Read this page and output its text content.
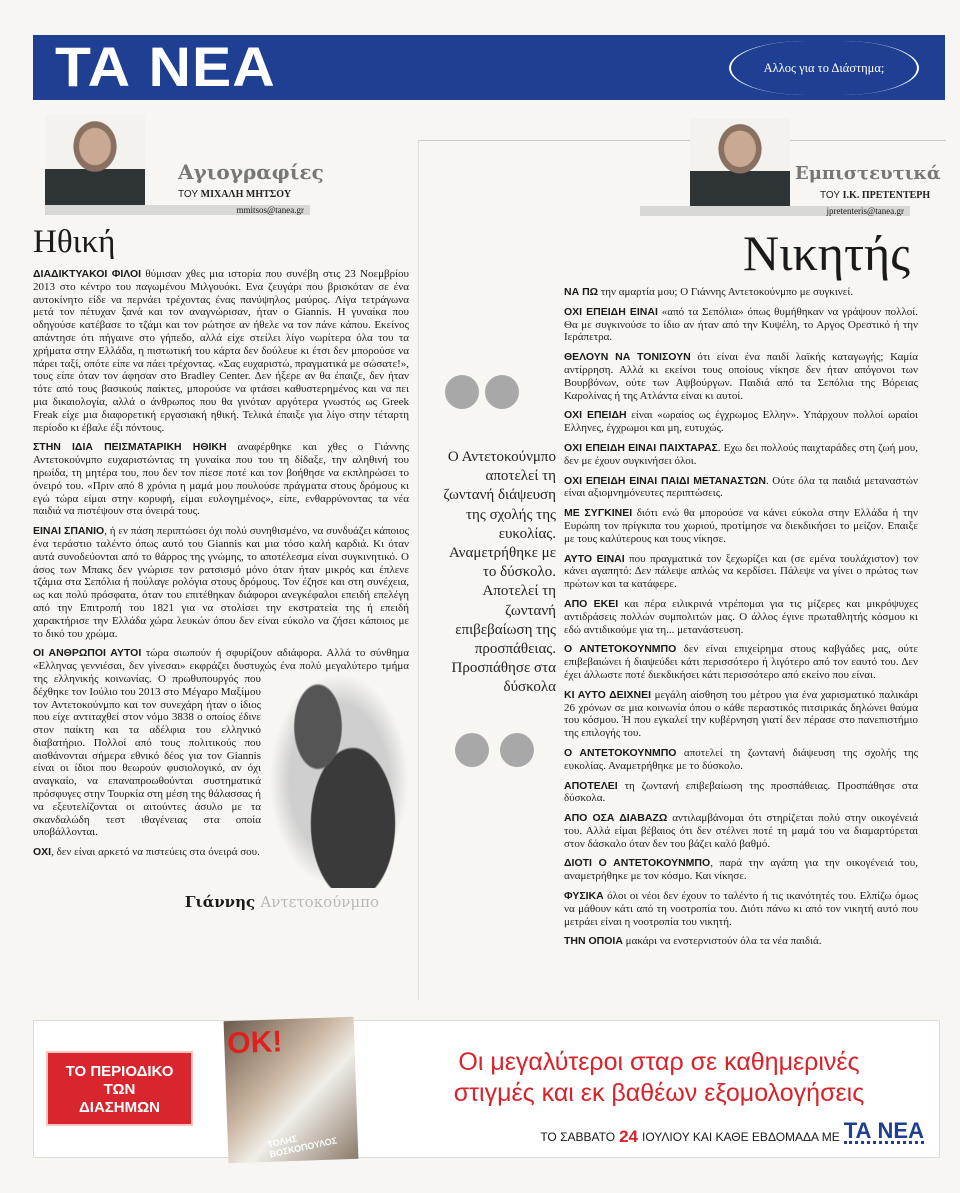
ΤΑ ΝΕΑ	Αλλος για το Διάστημα;
Αγιογραφίες
ΤΟΥ ΜΙΧΑΛΗ ΜΗΤΣΟΥ
mmitsos@tanea.gr
Ηθική

ΔΙΑΔΙΚΤΥΑΚΟΙ ΦΙΛΟΙ θύμισαν χθες μια ιστορία που συνέβη στις 23 Νοεμβρίου 2013 στο κέντρο του παγωμένου Μιλγουόκι. Ενα ζευγάρι που βρισκόταν σε ένα αυτοκίνητο είδε να περνάει τρέχοντας ένας πανύψηλος μαύρος. Λίγα τετράγωνα μετά τον πέτυχαν ξανά και τον αναγνώρισαν, ήταν ο Giannis. Η γυναίκα που οδηγούσε κατέβασε το τζάμι και τον ρώτησε αν ήθελε να τον πάνε κάπου. Εκείνος απάντησε ότι πήγαινε στο γήπεδο, αλλά είχε στείλει λίγο νωρίτερα όλα του τα χρήματα στην Ελλάδα, η πιστωτική του κάρτα δεν δούλευε κι έτσι δεν μπορούσε να πάρει ταξί, οπότε είπε να πάει τρέχοντας. «Σας ευχαριστώ, πραγματικά με σώσατε!», τους είπε όταν τον άφησαν στο Bradley Center. Δεν ήξερε αν θα έπαιζε, δεν ήταν τότε από τους βασικούς παίκτες, μπορούσε να φτάσει καθυστερημένος και να πει μια δικαιολογία, αλλά ο άνθρωπος που θα γινόταν αργότερα γνωστός ως Greek Freak είχε μια διαφορετική εργασιακή ηθική. Τελικά έπαιξε για λίγο στην τέταρτη περίοδο κι έβαλε έξι πόντους.

ΣΤΗΝ ΙΔΙΑ ΠΕΙΣΜΑΤΑΡΙΚΗ ΗΘΙΚΗ αναφέρθηκε και χθες ο Γιάννης Αντετοκούνμπο ευχαριστώντας τη γυναίκα που του τη δίδαξε, την αληθινή του ηρωίδα, τη μητέρα του, που δεν τον πίεσε ποτέ και τον βοήθησε να εκπληρώσει το όνειρό του. «Πριν από 8 χρόνια η μαμά μου πουλούσε πράγματα στους δρόμους κι εγώ τώρα είμαι στην κορυφή, είμαι ευλογημένος», είπε, ενθαρρύνοντας τα νέα παιδιά να πιστέψουν στα όνειρά τους.

ΕΙΝΑΙ ΣΠΑΝΙΟ, ή εν πάση περιπτώσει όχι πολύ συνηθισμένο, να συνδυάζει κάποιος ένα τεράστιο ταλέντο όπως αυτό του Giannis και μια τόσο καλή καρδιά. Κι όταν αυτά συνοδεύονται από το θάρρος της γνώμης, το αποτέλεσμα είναι συγκινητικό. Ο άσος των Μπακς δεν γνώρισε τον ρατσισμό μόνο όταν ήταν μικρός και έπλενε τζάμια στα Σεπόλια ή πούλαγε ρολόγια στους δρόμους. Τον έζησε και στη συνέχεια, ως και πολύ πρόσφατα, όταν του επιτέθηκαν διάφοροι ανεγκέφαλοι επειδή επελέγη από την Επιτροπή του 1821 για να στολίσει την εκστρατεία της ή επειδή χαρακτήρισε την Ελλάδα χώρα λευκών όπου δεν είναι εύκολο να ζήσει κάποιος με το δικό του χρώμα.

ΟΙ ΑΝΘΡΩΠΟΙ ΑΥΤΟΙ τώρα σιωπούν ή σφυρίζουν αδιάφορα. Αλλά το σύνθημα «Ελληνας γεννιέσαι, δεν γίνεσαι» εκφράζει δυστυχώς ένα πολύ μεγαλύτερο τμήμα της ελληνικής κοινωνίας. Ο πρωθυπουργός που δέχθηκε τον Ιούλιο του 2013 στο Μέγαρο Μαξίμου τον Αντετοκούνμπο και τον συνεχάρη ήταν ο ίδιος που είχε αντιταχθεί στον νόμο 3838 ο οποίος έδινε στον παίκτη και τα αδέλφια του ελληνικό διαβατήριο. Πολλοί από τους πολιτικούς που αισθάνονται σήμερα εθνικό δέος για τον Giannis είναι οι ίδιοι που θεωρούν φυσιολογικό, αν όχι αναγκαίο, να επαναπροωθούνται συστηματικά πρόσφυγες στην Τουρκία στη μέση της θάλασσας ή να εξευτελίζονται οι αιτούντες άσυλο με τα σκανδαλώδη τεστ ιθαγένειας στα οποία υποβάλλονται.

ΟΧΙ, δεν είναι αρκετό να πιστεύεις στα όνειρά σου.

Γιάννης Αντετοκούνμπο
Εμπιστευτικά
ΤΟΥ Ι.Κ. ΠΡΕΤΕΝΤΕΡΗ
jpretenteris@tanea.gr
Νικητής
Ο Αντετοκούνμπο αποτελεί τη ζωντανή διάψευση της σχολής της ευκολίας. Αναμετρήθηκε με το δύσκολο. Αποτελεί τη ζωντανή επιβεβαίωση της προσπάθειας. Προσπάθησε στα δύσκολα

ΝΑ ΠΩ την αμαρτία μου; Ο Γιάννης Αντετοκούνμπο με συγκινεί.

ΟΧΙ ΕΠΕΙΔΗ ΕΙΝΑΙ «από τα Σεπόλια» όπως θυμήθηκαν να γράψουν πολλοί. Θα με συγκινούσε το ίδιο αν ήταν από την Κυψέλη, το Αργος Ορεστικό ή την Ιεράπετρα.

ΘΕΛΟΥΝ ΝΑ ΤΟΝΙΣΟΥΝ ότι είναι ένα παιδί λαϊκής καταγωγής; Καμία αντίρρηση. Αλλά κι εκείνοι τους οποίους νίκησε δεν ήταν απόγονοι των Βουρβόνων, ούτε των Αψβούργων. Παιδιά από τα Σεπόλια της Βόρειας Καρολίνας ή της Ατλάντα είναι κι αυτοί.

ΟΧΙ ΕΠΕΙΔΗ είναι «ωραίος ως έγχρωμος Ελλην». Υπάρχουν πολλοί ωραίοι Ελληνες, έγχρωμοι και μη, ευτυχώς.

ΟΧΙ ΕΠΕΙΔΗ ΕΙΝΑΙ ΠΑΙΧΤΑΡΑΣ. Εχω δει πολλούς παιχταράδες στη ζωή μου, δεν με έχουν συγκινήσει όλοι.

ΟΧΙ ΕΠΕΙΔΗ ΕΙΝΑΙ ΠΑΙΔΙ ΜΕΤΑΝΑΣΤΩΝ. Ούτε όλα τα παιδιά μεταναστών είναι αξιομνημόνευτες περιπτώσεις.

ΜΕ ΣΥΓΚΙΝΕΙ διότι ενώ θα μπορούσε να κάνει εύκολα στην Ελλάδα ή την Ευρώπη τον πρίγκιπα του χωριού, προτίμησε να διεκδικήσει το μείζον. Επαιξε με τους καλύτερους και τους νίκησε.

ΑΥΤΟ ΕΙΝΑΙ που πραγματικά τον ξεχωρίζει και (σε εμένα τουλάχιστον) τον κάνει αγαπητό: Δεν πάλεψε απλώς να κερδίσει. Πάλεψε να γίνει ο πρώτος των πρώτων και τα κατάφερε.

ΑΠΟ ΕΚΕΙ και πέρα ειλικρινά ντρέπομαι για τις μίζερες και μικρόψυχες αντιδράσεις πολλών συμπολιτών μας. Ο άλλος έγινε πρωταθλητής κόσμου κι εδώ αντιδικούμε για τη... μετανάστευση.

Ο ΑΝΤΕΤΟΚΟΥΝΜΠΟ δεν είναι επιχείρημα στους καβγάδες μας, ούτε επιβεβαιώνει ή διαψεύδει κάτι περισσότερο ή λιγότερο από τον εαυτό του. Δεν έχει άλλωστε ποτέ διεκδικήσει κάτι περισσότερο από εκείνο που είναι.

ΚΙ ΑΥΤΟ ΔΕΙΧΝΕΙ μεγάλη αίσθηση του μέτρου για ένα χαρισματικό παλικάρι 26 χρόνων σε μια κοινωνία όπου ο κάθε περαστικός πιτσιρικάς δηλώνει θαύμα του κόσμου. Ή που εγκαλεί την κυβέρνηση γιατί δεν πέρασε στο πανεπιστήμιο της επιλογής του.

Ο ΑΝΤΕΤΟΚΟΥΝΜΠΟ αποτελεί τη ζωντανή διάψευση της σχολής της ευκολίας. Αναμετρήθηκε με το δύσκολο.

ΑΠΟΤΕΛΕΙ τη ζωντανή επιβεβαίωση της προσπάθειας. Προσπάθησε στα δύσκολα.

ΑΠΟ ΟΣΑ ΔΙΑΒΑΖΩ αντιλαμβάνομαι ότι στηρίζεται πολύ στην οικογένειά του. Αλλά είμαι βέβαιος ότι δεν στέλνει ποτέ τη μαμά του να διαμαρτύρεται στον δάσκαλο όταν δεν του βάζει καλό βαθμό.

ΔΙΟΤΙ Ο ΑΝΤΕΤΟΚΟΥΝΜΠΟ, παρά την αγάπη για την οικογένειά του, αναμετρήθηκε με τον κόσμο. Και νίκησε.

ΦΥΣΙΚΑ όλοι οι νέοι δεν έχουν το ταλέντο ή τις ικανότητές του. Ελπίζω όμως να μάθουν κάτι από τη νοοτροπία του. Διότι πάνω κι από τον νικητή αυτό που μετράει είναι η νοοτροπία του νικητή.

ΤΗΝ ΟΠΟΙΑ μακάρι να ενστερνιστούν όλα τα νέα παιδιά.

ΤΟ ΠΕΡΙΟΔΙΚΟ
ΤΩΝ
ΔΙΑΣΗΜΩΝ
OK!
ΤΟΛΗΣ ΒΟΣΚΟΠΟΥΛΟΣ
Οι μεγαλύτεροι σταρ σε καθημερινές
στιγμές και εκ βαθέων εξομολογήσεις
ΤΟ ΣΑΒΒΑΤΟ 24 ΙΟΥΛΙΟΥ ΚΑΙ ΚΑΘΕ ΕΒΔΟΜΑΔΑ ΜΕ ΤΑ ΝΕΑ
